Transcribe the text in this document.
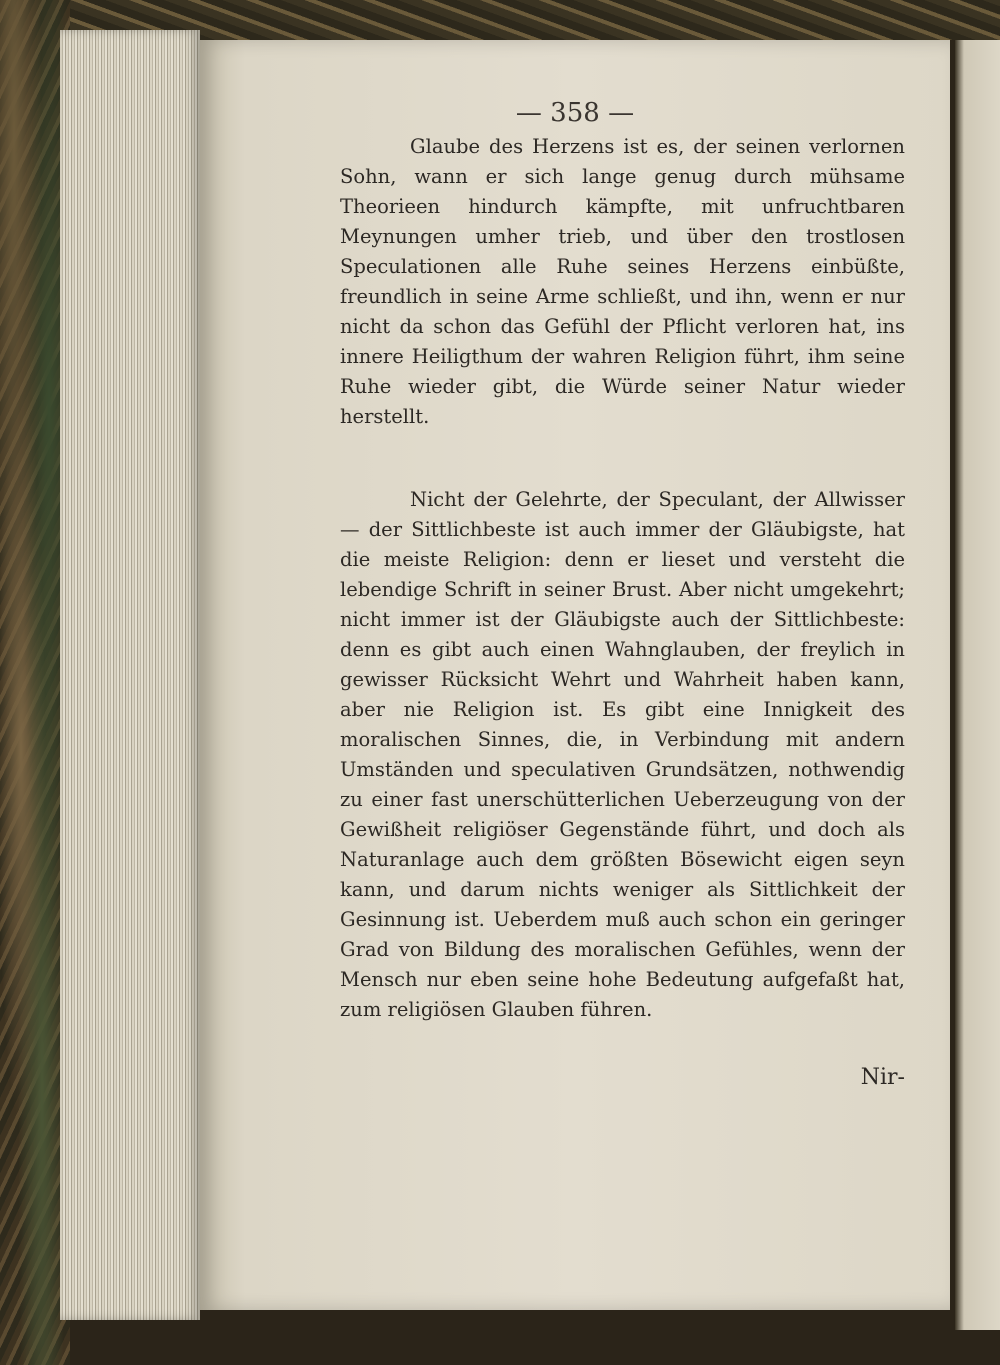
— 358 —

Glaube des Herzens ist es, der seinen verlornen Sohn, wann er sich lange genug durch mühsame Theorieen hindurch kämpfte, mit unfruchtbaren Meynungen umher trieb, und über den trostlosen Speculationen alle Ruhe seines Herzens einbüßte, freundlich in seine Arme schließt, und ihn, wenn er nur nicht da schon das Gefühl der Pflicht verloren hat, ins innere Heiligthum der wahren Religion führt, ihm seine Ruhe wieder gibt, die Würde seiner Natur wieder herstellt.

Nicht der Gelehrte, der Speculant, der Allwisser — der Sittlichbeste ist auch immer der Gläubigste, hat die meiste Religion: denn er lieset und versteht die lebendige Schrift in seiner Brust. Aber nicht umgekehrt; nicht immer ist der Gläubigste auch der Sittlichbeste: denn es gibt auch einen Wahnglauben, der freylich in gewisser Rücksicht Wehrt und Wahrheit haben kann, aber nie Religion ist. Es gibt eine Innigkeit des moralischen Sinnes, die, in Verbindung mit andern Umständen und speculativen Grundsätzen, nothwendig zu einer fast unerschütterlichen Ueberzeugung von der Gewißheit religiöser Gegenstände führt, und doch als Naturanlage auch dem größten Bösewicht eigen seyn kann, und darum nichts weniger als Sittlichkeit der Gesinnung ist. Ueberdem muß auch schon ein geringer Grad von Bildung des moralischen Gefühles, wenn der Mensch nur eben seine hohe Bedeutung aufgefaßt hat, zum religiösen Glauben führen.

Nir-
